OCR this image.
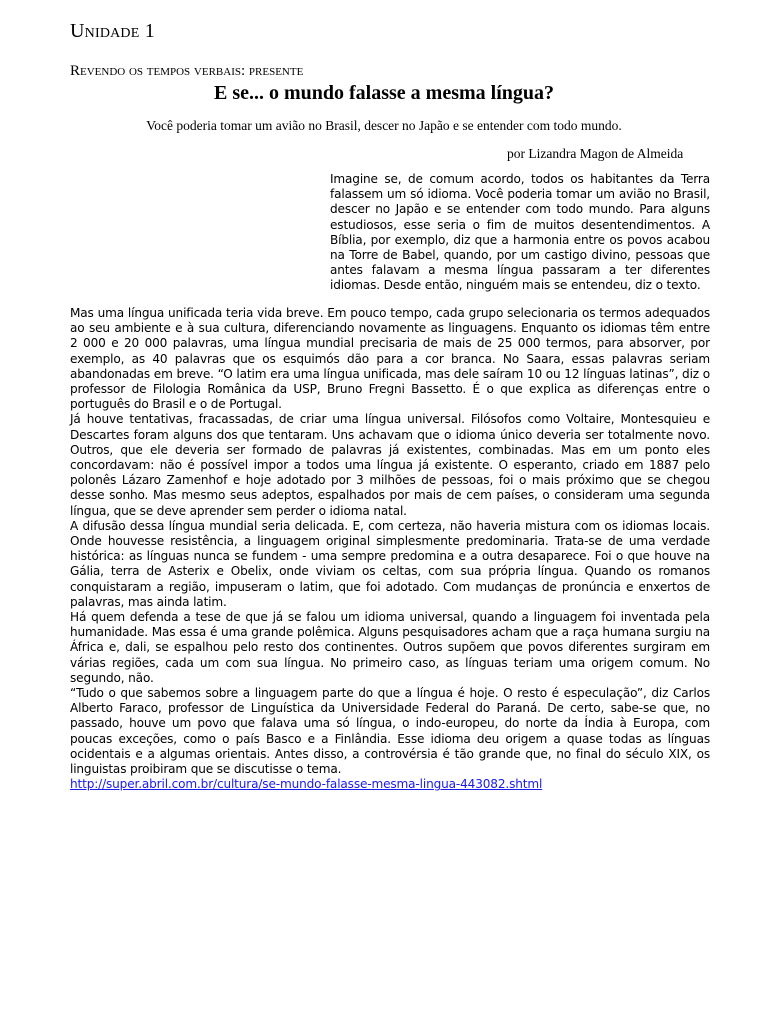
Unidade 1
Revendo os tempos verbais: presente
E se... o mundo falasse a mesma língua?
Você poderia tomar um avião no Brasil, descer no Japão e se entender com todo mundo.
por Lizandra Magon de Almeida

Imagine se, de comum acordo, todos os habitantes da Terra falassem um só idioma. Você poderia tomar um avião no Brasil, descer no Japão e se entender com todo mundo. Para alguns estudiosos, esse seria o fim de muitos desentendimentos. A Bíblia, por exemplo, diz que a harmonia entre os povos acabou na Torre de Babel, quando, por um castigo divino, pessoas que antes falavam a mesma língua passaram a ter diferentes idiomas. Desde então, ninguém mais se entendeu, diz o texto.

Mas uma língua unificada teria vida breve. Em pouco tempo, cada grupo selecionaria os termos adequados ao seu ambiente e à sua cultura, diferenciando novamente as linguagens. Enquanto os idiomas têm entre 2 000 e 20 000 palavras, uma língua mundial precisaria de mais de 25 000 termos, para absorver, por exemplo, as 40 palavras que os esquimós dão para a cor branca. No Saara, essas palavras seriam abandonadas em breve. “O latim era uma língua unificada, mas dele saíram 10 ou 12 línguas latinas”, diz o professor de Filologia Românica da USP, Bruno Fregni Bassetto. É o que explica as diferenças entre o português do Brasil e o de Portugal.

Já houve tentativas, fracassadas, de criar uma língua universal. Filósofos como Voltaire, Montesquieu e Descartes foram alguns dos que tentaram. Uns achavam que o idioma único deveria ser totalmente novo. Outros, que ele deveria ser formado de palavras já existentes, combinadas. Mas em um ponto eles concordavam: não é possível impor a todos uma língua já existente. O esperanto, criado em 1887 pelo polonês Lázaro Zamenhof e hoje adotado por 3 milhões de pessoas, foi o mais próximo que se chegou desse sonho. Mas mesmo seus adeptos, espalhados por mais de cem países, o consideram uma segunda língua, que se deve aprender sem perder o idioma natal.

A difusão dessa língua mundial seria delicada. E, com certeza, não haveria mistura com os idiomas locais. Onde houvesse resistência, a linguagem original simplesmente predominaria. Trata-se de uma verdade histórica: as línguas nunca se fundem - uma sempre predomina e a outra desaparece. Foi o que houve na Gália, terra de Asterix e Obelix, onde viviam os celtas, com sua própria língua. Quando os romanos conquistaram a região, impuseram o latim, que foi adotado. Com mudanças de pronúncia e enxertos de palavras, mas ainda latim.

Há quem defenda a tese de que já se falou um idioma universal, quando a linguagem foi inventada pela humanidade. Mas essa é uma grande polêmica. Alguns pesquisadores acham que a raça humana surgiu na África e, dali, se espalhou pelo resto dos continentes. Outros supõem que povos diferentes surgiram em várias regiões, cada um com sua língua. No primeiro caso, as línguas teriam uma origem comum. No segundo, não.

“Tudo o que sabemos sobre a linguagem parte do que a língua é hoje. O resto é especulação”, diz Carlos Alberto Faraco, professor de Linguística da Universidade Federal do Paraná. De certo, sabe-se que, no passado, houve um povo que falava uma só língua, o indo-europeu, do norte da Índia à Europa, com poucas exceções, como o país Basco e a Finlândia. Esse idioma deu origem a quase todas as línguas ocidentais e a algumas orientais. Antes disso, a controvérsia é tão grande que, no final do século XIX, os linguistas proibiram que se discutisse o tema.

http://super.abril.com.br/cultura/se-mundo-falasse-mesma-lingua-443082.shtml
